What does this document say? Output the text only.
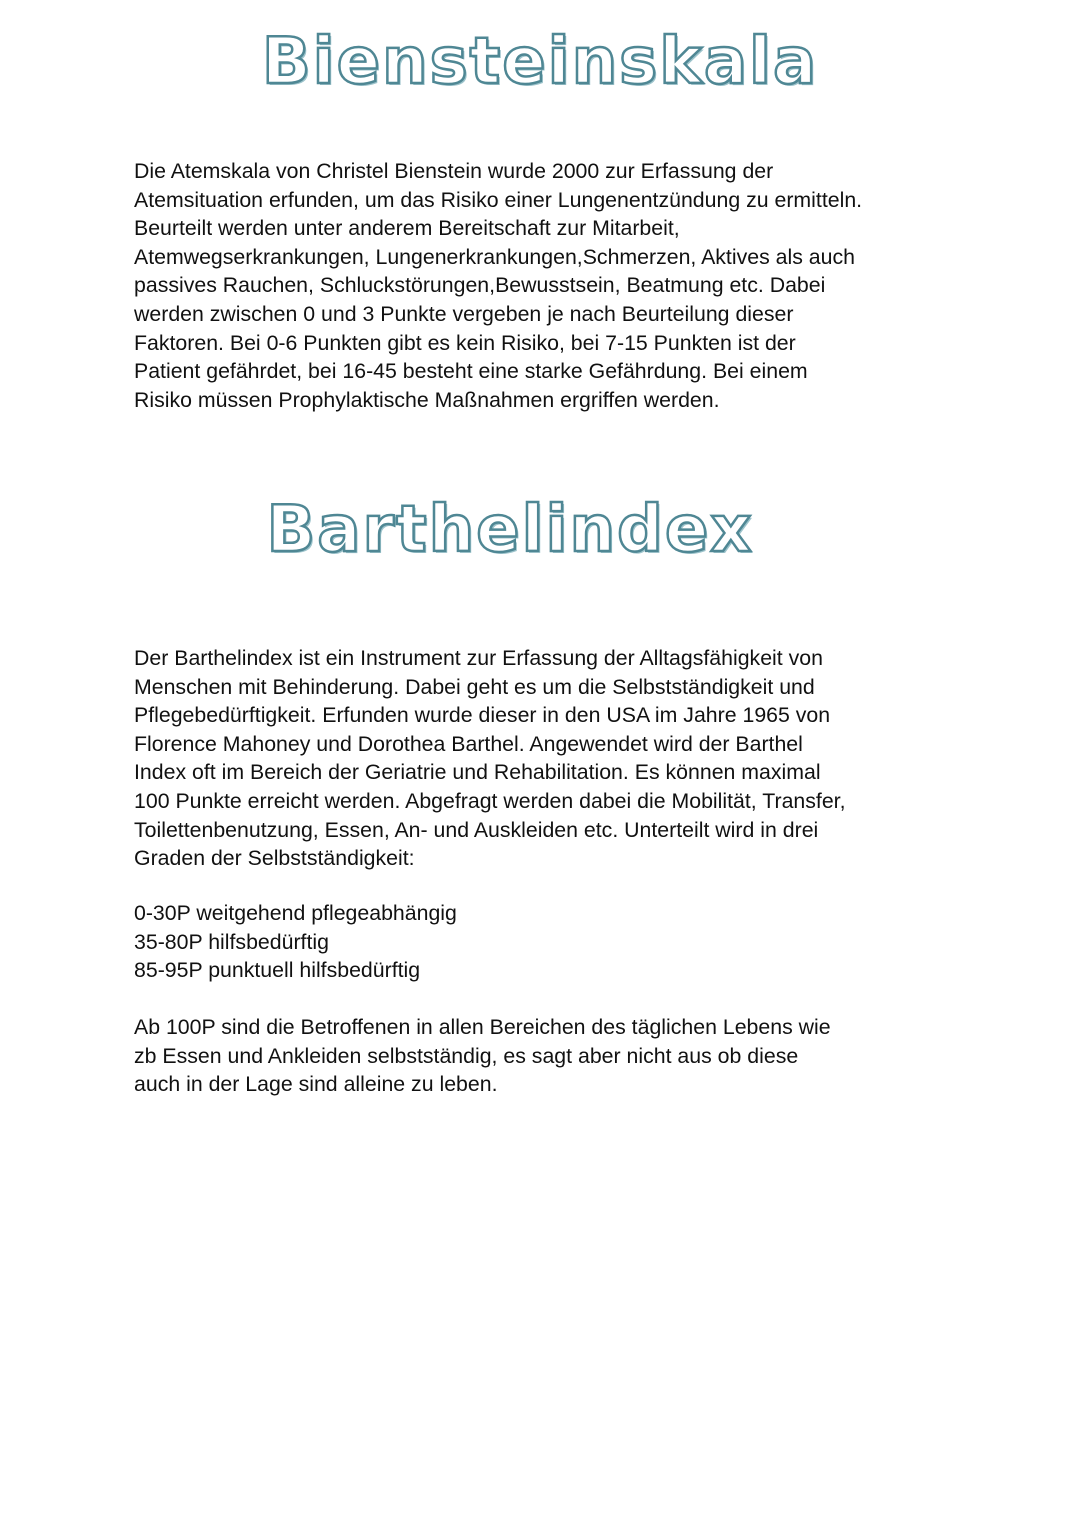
Biensteinskala

Die Atemskala von Christel Bienstein wurde 2000 zur Erfassung der
Atemsituation erfunden, um das Risiko einer Lungenentzündung zu ermitteln.
Beurteilt werden unter anderem Bereitschaft zur Mitarbeit,
Atemwegserkrankungen, Lungenerkrankungen,Schmerzen, Aktives als auch
passives Rauchen, Schluckstörungen,Bewusstsein, Beatmung etc. Dabei
werden zwischen 0 und 3 Punkte vergeben je nach Beurteilung dieser
Faktoren. Bei 0-6 Punkten gibt es kein Risiko, bei 7-15 Punkten ist der
Patient gefährdet, bei 16-45 besteht eine starke Gefährdung. Bei einem
Risiko müssen Prophylaktische Maßnahmen ergriffen werden.

Barthelindex

Der Barthelindex ist ein Instrument zur Erfassung der Alltagsfähigkeit von
Menschen mit Behinderung. Dabei geht es um die Selbstständigkeit und
Pflegebedürftigkeit. Erfunden wurde dieser in den USA im Jahre 1965 von
Florence Mahoney und Dorothea Barthel. Angewendet wird der Barthel
Index oft im Bereich der Geriatrie und Rehabilitation. Es können maximal
100 Punkte erreicht werden. Abgefragt werden dabei die Mobilität, Transfer,
Toilettenbenutzung, Essen, An- und Auskleiden etc. Unterteilt wird in drei
Graden der Selbstständigkeit:

0-30P weitgehend pflegeabhängig
35-80P hilfsbedürftig
85-95P punktuell hilfsbedürftig

Ab 100P sind die Betroffenen in allen Bereichen des täglichen Lebens wie
zb Essen und Ankleiden selbstständig, es sagt aber nicht aus ob diese
auch in der Lage sind alleine zu leben.
